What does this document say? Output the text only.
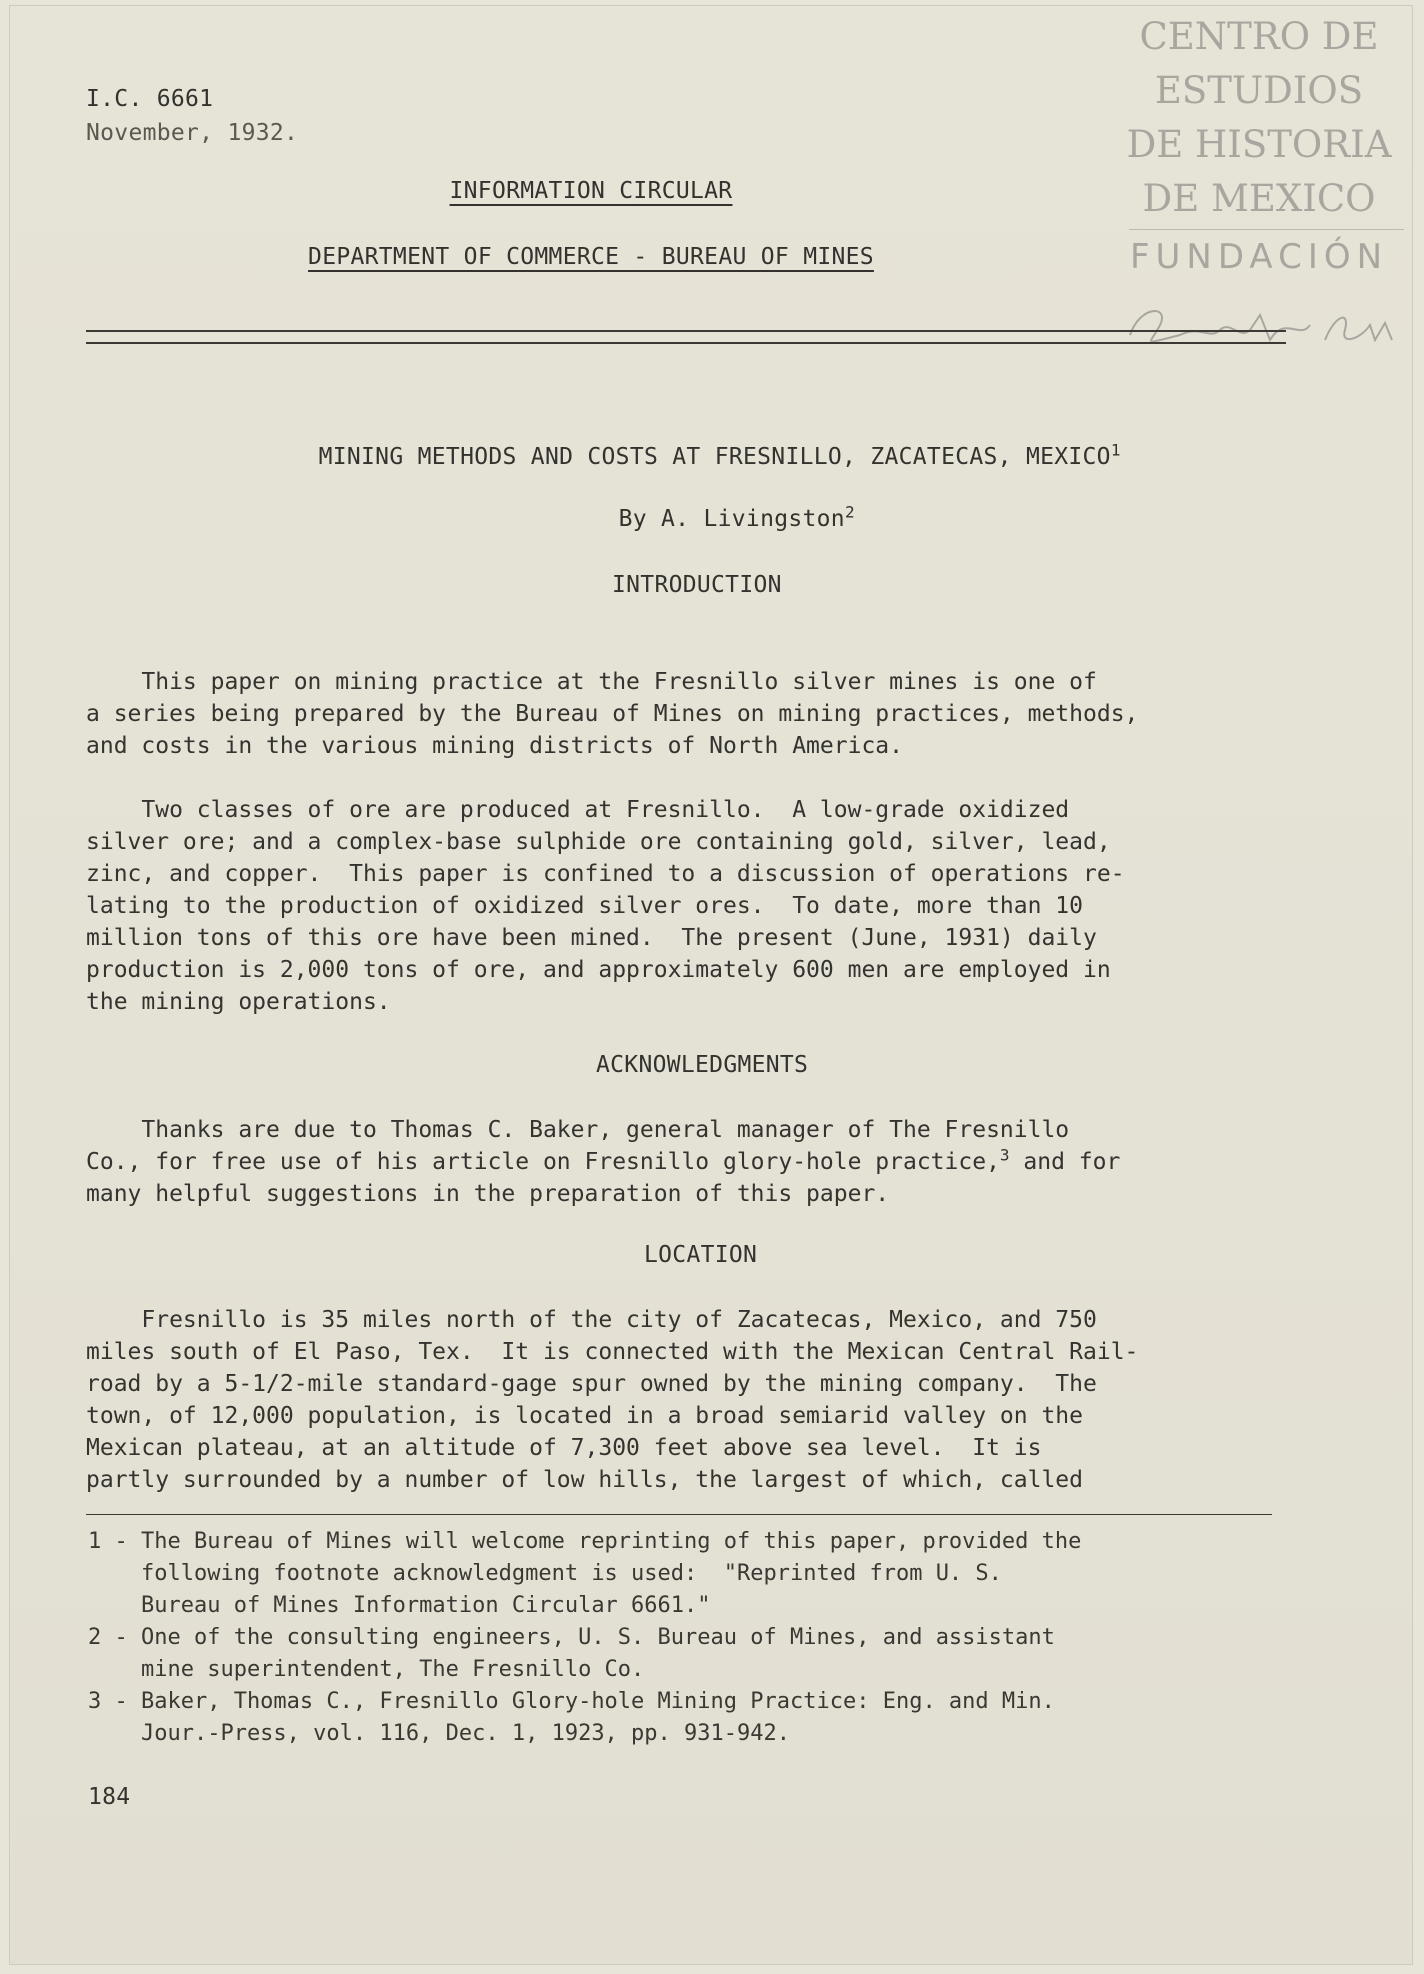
CENTRO DE
ESTUDIOS
DE HISTORIA
DE MEXICO
FUNDACIÓN
I.C. 6661
November, 1932.
INFORMATION CIRCULAR
DEPARTMENT OF COMMERCE - BUREAU OF MINES

MINING METHODS AND COSTS AT FRESNILLO, ZACATECAS, MEXICO$^1$

By A. Livingston$^2$

INTRODUCTION
This paper on mining practice at the Fresnillo silver mines is one of
a series being prepared by the Bureau of Mines on mining practices, methods,
and costs in the various mining districts of North America.
Two classes of ore are produced at Fresnillo.  A low-grade oxidized
silver ore; and a complex-base sulphide ore containing gold, silver, lead,
zinc, and copper.  This paper is confined to a discussion of operations re-
lating to the production of oxidized silver ores.  To date, more than 10
million tons of this ore have been mined.  The present (June, 1931) daily
production is 2,000 tons of ore, and approximately 600 men are employed in
the mining operations.
ACKNOWLEDGMENTS
Thanks are due to Thomas C. Baker, general manager of The Fresnillo
Co., for free use of his article on Fresnillo glory-hole practice,$^3$ and for
many helpful suggestions in the preparation of this paper.
LOCATION
Fresnillo is 35 miles north of the city of Zacatecas, Mexico, and 750
miles south of El Paso, Tex.  It is connected with the Mexican Central Rail-
road by a 5-1/2-mile standard-gage spur owned by the mining company.  The
town, of 12,000 population, is located in a broad semiarid valley on the
Mexican plateau, at an altitude of 7,300 feet above sea level.  It is
partly surrounded by a number of low hills, the largest of which, called
1 - The Bureau of Mines will welcome reprinting of this paper, provided the
following footnote acknowledgment is used:  "Reprinted from U. S.
Bureau of Mines Information Circular 6661."
2 - One of the consulting engineers, U. S. Bureau of Mines, and assistant
mine superintendent, The Fresnillo Co.
3 - Baker, Thomas C., Fresnillo Glory-hole Mining Practice: Eng. and Min.
Jour.-Press, vol. 116, Dec. 1, 1923, pp. 931-942.
184
